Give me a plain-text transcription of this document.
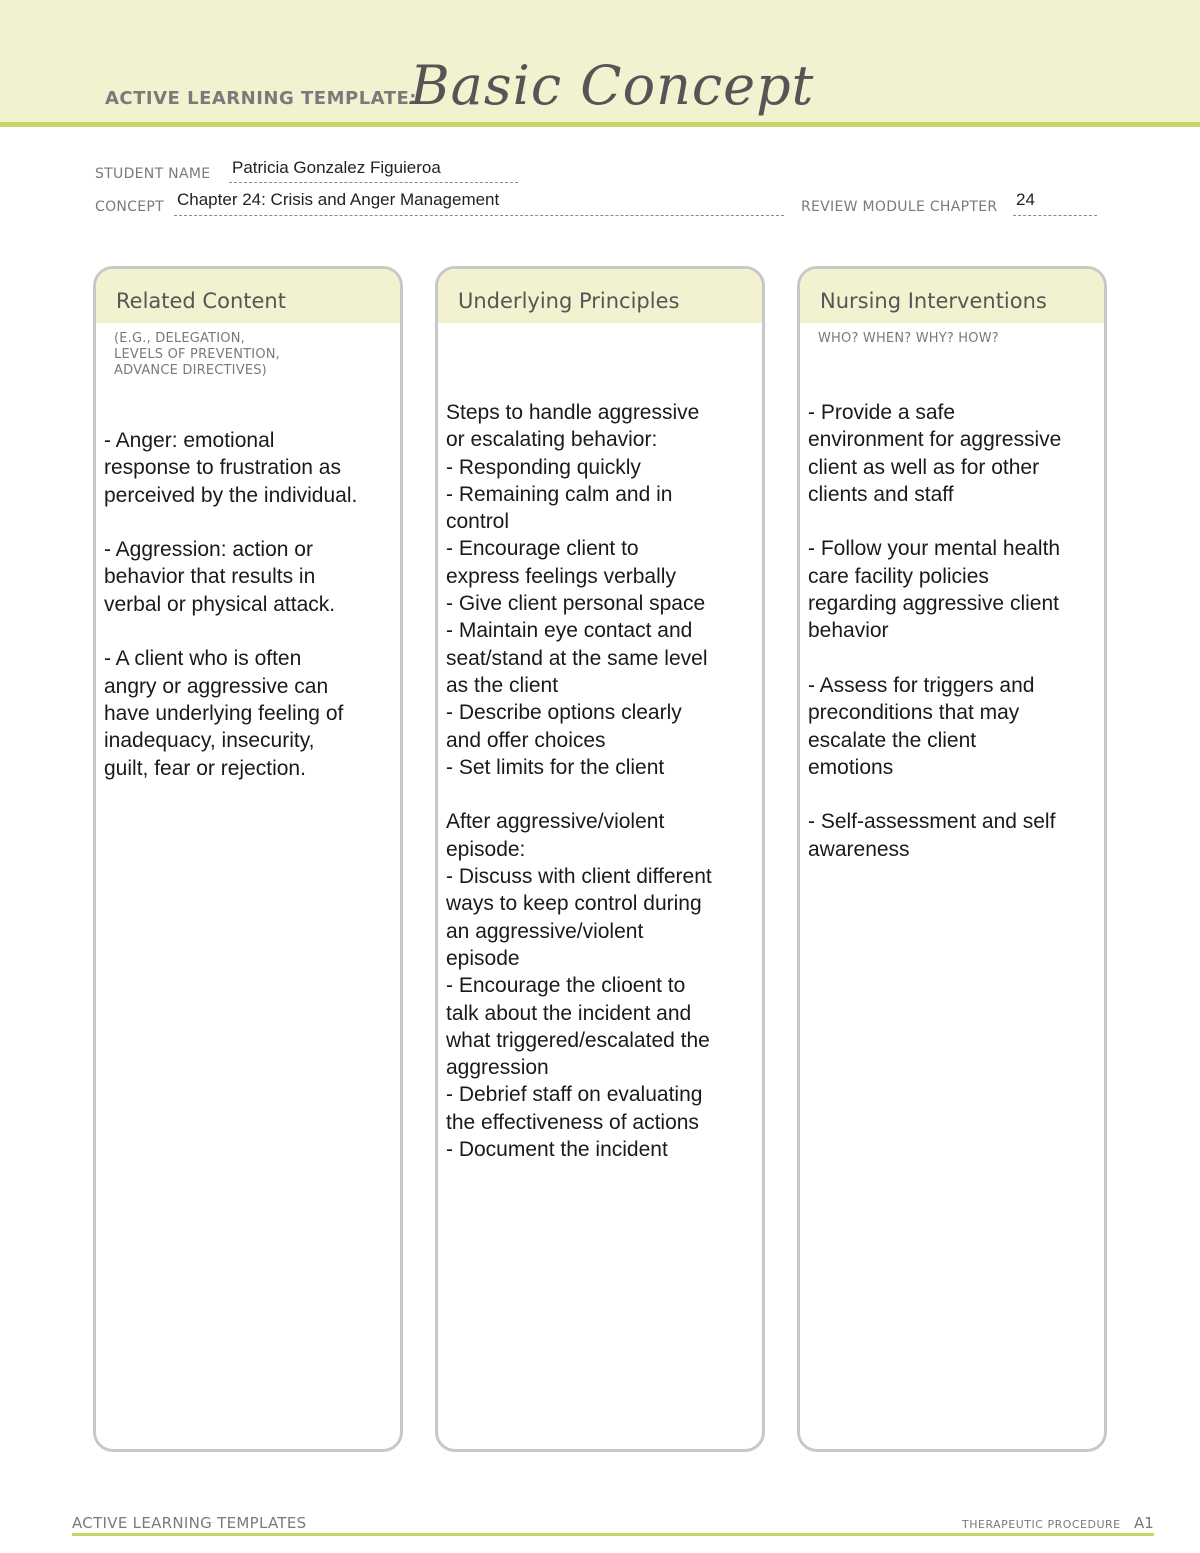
ACTIVE LEARNING TEMPLATE:
Basic Concept
STUDENT NAME Patricia Gonzalez Figuieroa
CONCEPT Chapter 24: Crisis and Anger Management	REVIEW MODULE CHAPTER 24
Related Content
(E.G., DELEGATION,
LEVELS OF PREVENTION,
ADVANCE DIRECTIVES)
- Anger: emotional
response to frustration as
perceived by the individual.

- Aggression: action or
behavior that results in
verbal or physical attack.

- A client who is often
angry or aggressive can
have underlying feeling of
inadequacy, insecurity,
guilt, fear or rejection.
Underlying Principles
Steps to handle aggressive
or escalating behavior:
- Responding quickly
- Remaining calm and in
control
- Encourage client to
express feelings verbally
- Give client personal space
- Maintain eye contact and
seat/stand at the same level
as the client
- Describe options clearly
and offer choices
- Set limits for the client

After aggressive/violent
episode:
- Discuss with client different
ways to keep control during
an aggressive/violent
episode
- Encourage the clioent to
talk about the incident and
what triggered/escalated the
aggression
- Debrief staff on evaluating
the effectiveness of actions
- Document the incident
Nursing Interventions
WHO? WHEN? WHY? HOW?
- Provide a safe
environment for aggressive
client as well as for other
clients and staff

- Follow your mental health
care facility policies
regarding aggressive client
behavior

- Assess for triggers and
preconditions that may
escalate the client
emotions

- Self-assessment and self
awareness
ACTIVE LEARNING TEMPLATES	THERAPEUTIC PROCEDURE A1
